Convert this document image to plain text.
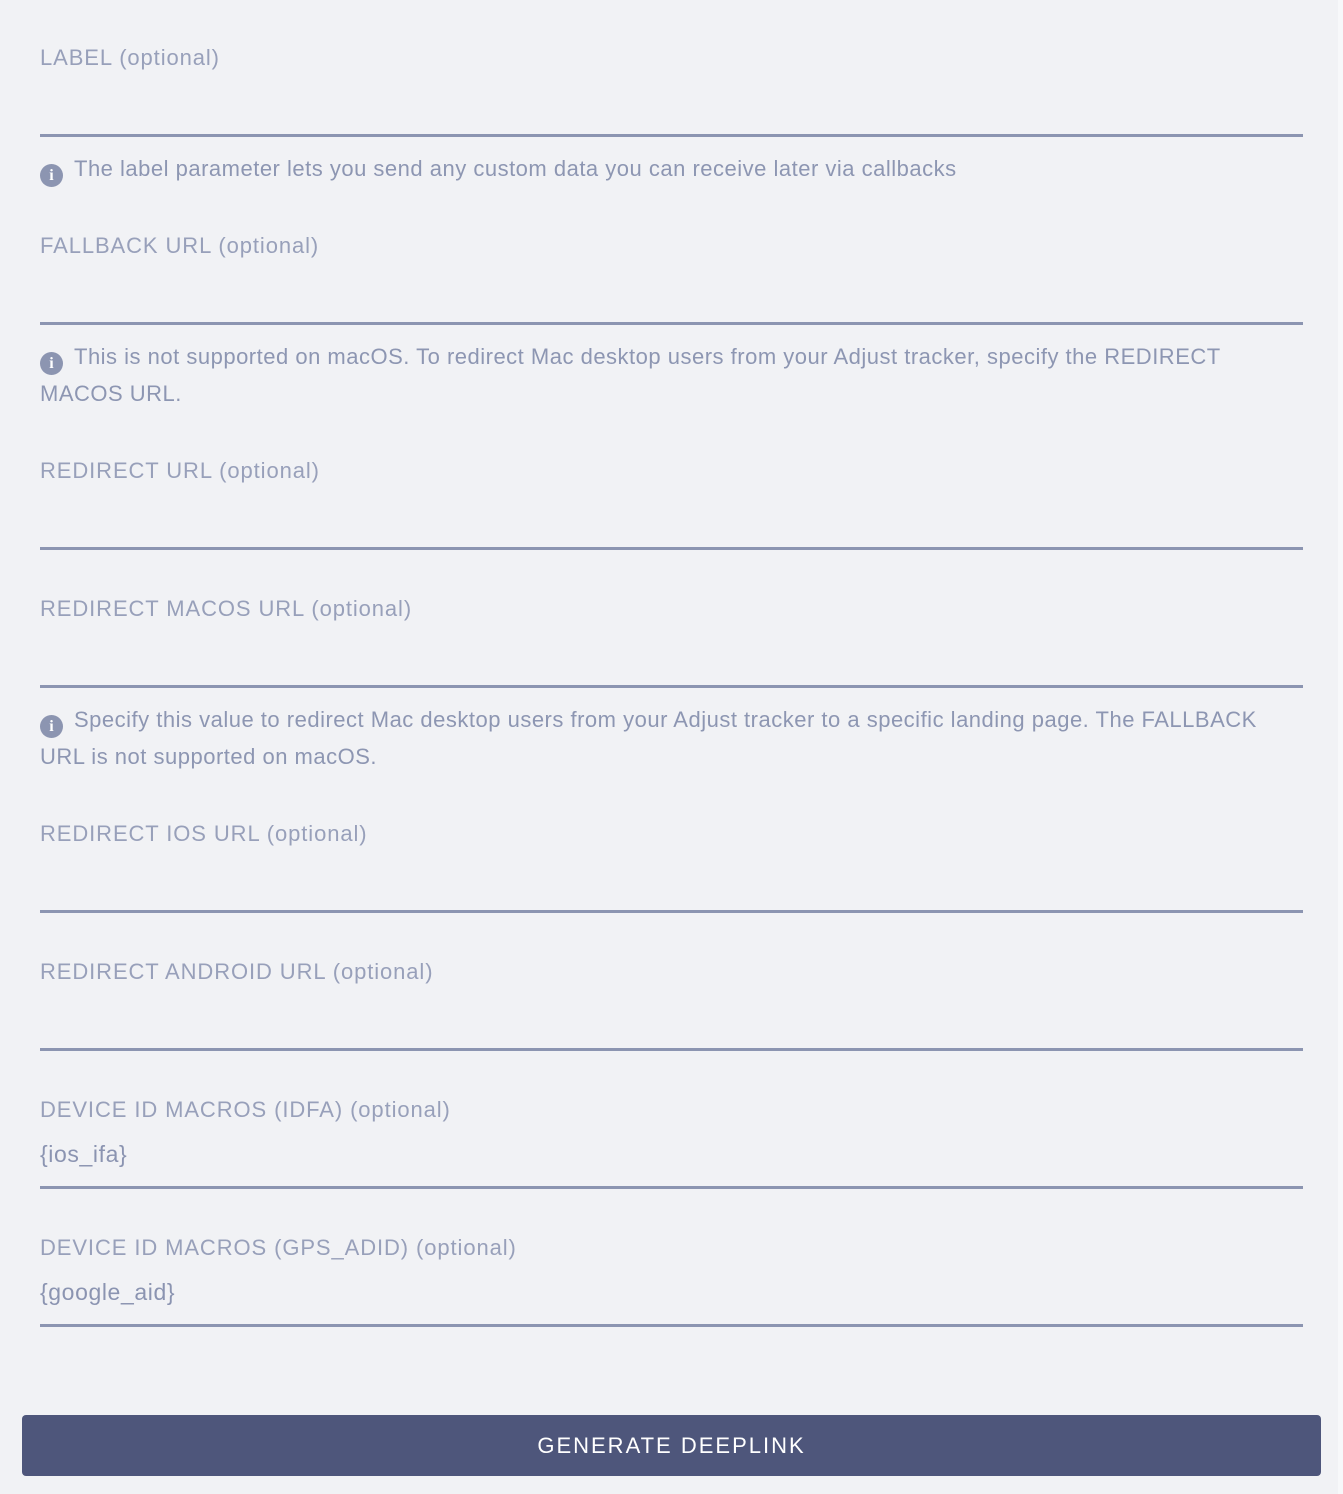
LABEL (optional)
i The label parameter lets you send any custom data you can receive later via callbacks
FALLBACK URL (optional)
i This is not supported on macOS. To redirect Mac desktop users from your Adjust tracker, specify the REDIRECT MACOS URL.
REDIRECT URL (optional)
REDIRECT MACOS URL (optional)
i Specify this value to redirect Mac desktop users from your Adjust tracker to a specific landing page. The FALLBACK URL is not supported on macOS.
REDIRECT IOS URL (optional)
REDIRECT ANDROID URL (optional)
DEVICE ID MACROS (IDFA) (optional)
{ios_ifa}
DEVICE ID MACROS (GPS_ADID) (optional)
{google_aid}
GENERATE DEEPLINK
